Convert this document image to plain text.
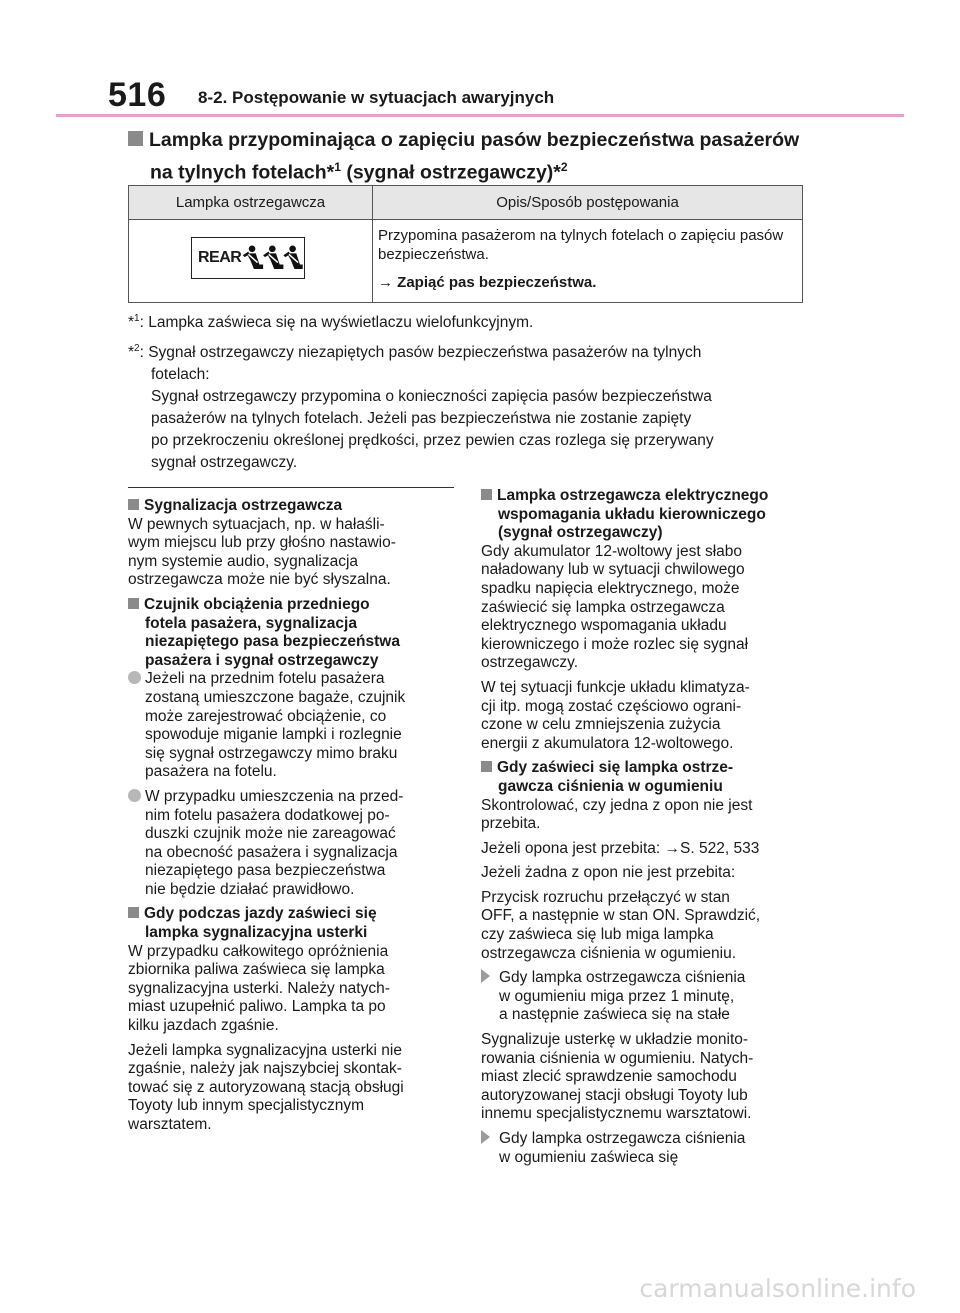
516 8-2. Postępowanie w sytuacjach awaryjnych
Lampka przypominająca o zapięciu pasów bezpieczeństwa pasażerów
na tylnych fotelach*$^1$ (sygnał ostrzegawczy)*$^2$
Lampka ostrzegawcza	Opis/Sposób postępowania

REAR	Przypomina pasażerom na tylnych fotelach o zapięciu pasów bezpieczeństwa.

→ Zapiąć pas bezpieczeństwa.

*$^1$: Lampka zaświeca się na wyświetlaczu wielofunkcyjnym.
*$^2$: Sygnał ostrzegawczy niezapiętych pasów bezpieczeństwa pasażerów na tylnych
fotelach:
Sygnał ostrzegawczy przypomina o konieczności zapięcia pasów bezpieczeństwa
pasażerów na tylnych fotelach. Jeżeli pas bezpieczeństwa nie zostanie zapięty
po przekroczeniu określonej prędkości, przez pewien czas rozlega się przerywany
sygnał ostrzegawczy.

Sygnalizacja ostrzegawcza

W pewnych sytuacjach, np. w hałaśli-
wym miejscu lub przy głośno nastawio-
nym systemie audio, sygnalizacja
ostrzegawcza może nie być słyszalna.

Czujnik obciążenia przedniego
fotela pasażera, sygnalizacja
niezapiętego pasa bezpieczeństwa
pasażera i sygnał ostrzegawczy

Jeżeli na przednim fotelu pasażera
zostaną umieszczone bagaże, czujnik
może zarejestrować obciążenie, co
spowoduje miganie lampki i rozlegnie
się sygnał ostrzegawczy mimo braku
pasażera na fotelu.

W przypadku umieszczenia na przed-
nim fotelu pasażera dodatkowej po-
duszki czujnik może nie zareagować
na obecność pasażera i sygnalizacja
niezapiętego pasa bezpieczeństwa
nie będzie działać prawidłowo.

Gdy podczas jazdy zaświeci się
lampka sygnalizacyjna usterki

W przypadku całkowitego opróżnienia
zbiornika paliwa zaświeca się lampka
sygnalizacyjna usterki. Należy natych-
miast uzupełnić paliwo. Lampka ta po
kilku jazdach zgaśnie.

Jeżeli lampka sygnalizacyjna usterki nie
zgaśnie, należy jak najszybciej skontak-
tować się z autoryzowaną stacją obsługi
Toyoty lub innym specjalistycznym
warsztatem.

Lampka ostrzegawcza elektrycznego
wspomagania układu kierowniczego
(sygnał ostrzegawczy)

Gdy akumulator 12-woltowy jest słabo
naładowany lub w sytuacji chwilowego
spadku napięcia elektrycznego, może
zaświecić się lampka ostrzegawcza
elektrycznego wspomagania układu
kierowniczego i może rozlec się sygnał
ostrzegawczy.

W tej sytuacji funkcje układu klimatyza-
cji itp. mogą zostać częściowo ograni-
czone w celu zmniejszenia zużycia
energii z akumulatora 12-woltowego.

Gdy zaświeci się lampka ostrze-
gawcza ciśnienia w ogumieniu

Skontrolować, czy jedna z opon nie jest
przebita.

Jeżeli opona jest przebita: →S. 522, 533

Jeżeli żadna z opon nie jest przebita:

Przycisk rozruchu przełączyć w stan
OFF, a następnie w stan ON. Sprawdzić,
czy zaświeca się lub miga lampka
ostrzegawcza ciśnienia w ogumieniu.

Gdy lampka ostrzegawcza ciśnienia
w ogumieniu miga przez 1 minutę,
a następnie zaświeca się na stałe

Sygnalizuje usterkę w układzie monito-
rowania ciśnienia w ogumieniu. Natych-
miast zlecić sprawdzenie samochodu
autoryzowanej stacji obsługi Toyoty lub
innemu specjalistycznemu warsztatowi.

Gdy lampka ostrzegawcza ciśnienia
w ogumieniu zaświeca się

carmanualsonline.info
